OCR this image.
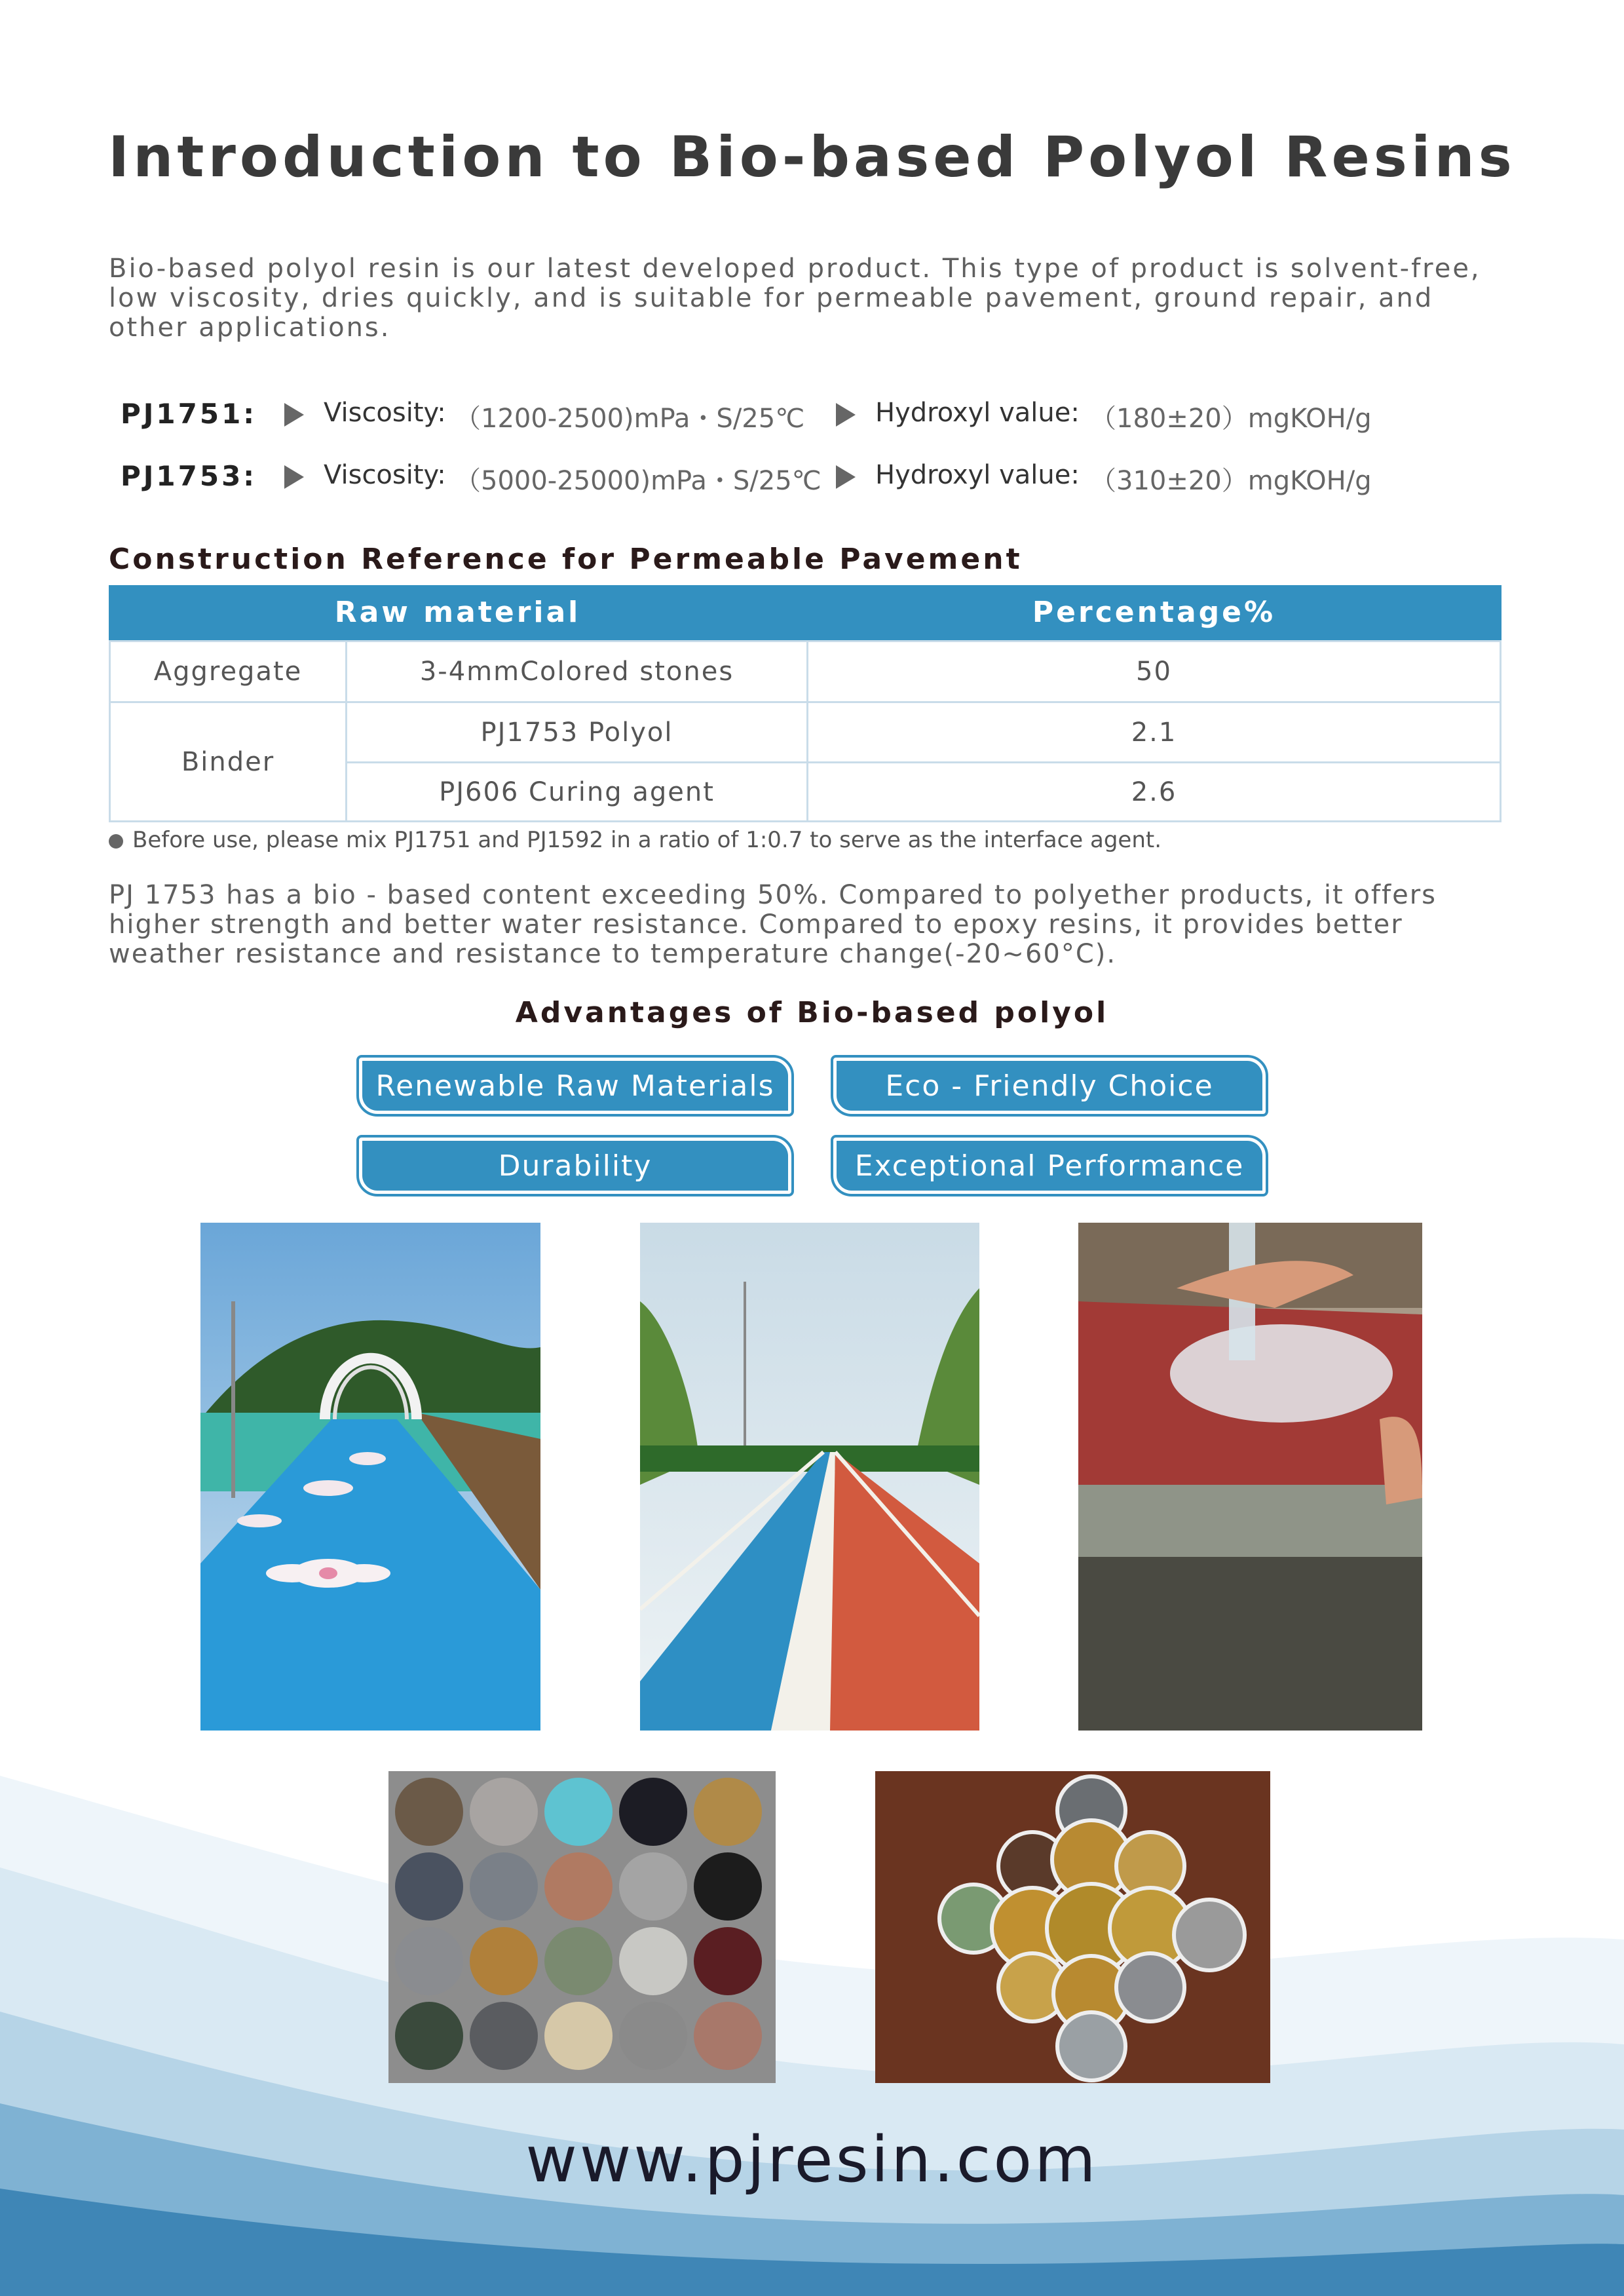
Introduction to Bio-based Polyol Resins
Bio-based polyol resin is our latest developed product. This type of product is solvent-free, low viscosity, dries quickly, and is suitable for permeable pavement, ground repair, and other applications.
PJ1751:	Viscosity: （1200-2500)mPa・S/25℃	Hydroxyl value: （180±20）mgKOH/g
PJ1753:	Viscosity: （5000-25000)mPa・S/25℃ Hydroxyl value: （310±20）mgKOH/g
Construction Reference for Permeable Pavement
Raw material	Percentage%
Aggregate	3-4mmColored stones	50
Binder
PJ1753 Polyol	2.1
PJ606 Curing agent	2.6
Before use, please mix PJ1751 and PJ1592 in a ratio of 1:0.7 to serve as the interface agent.
PJ 1753 has a bio - based content exceeding 50%. Compared to polyether products, it offers higher strength and better water resistance. Compared to epoxy resins, it provides better weather resistance and resistance to temperature change(-20~60°C).
Advantages of Bio-based polyol
Renewable Raw Materials	Eco - Friendly Choice
Durability	Exceptional Performance
www.pjresin.com
